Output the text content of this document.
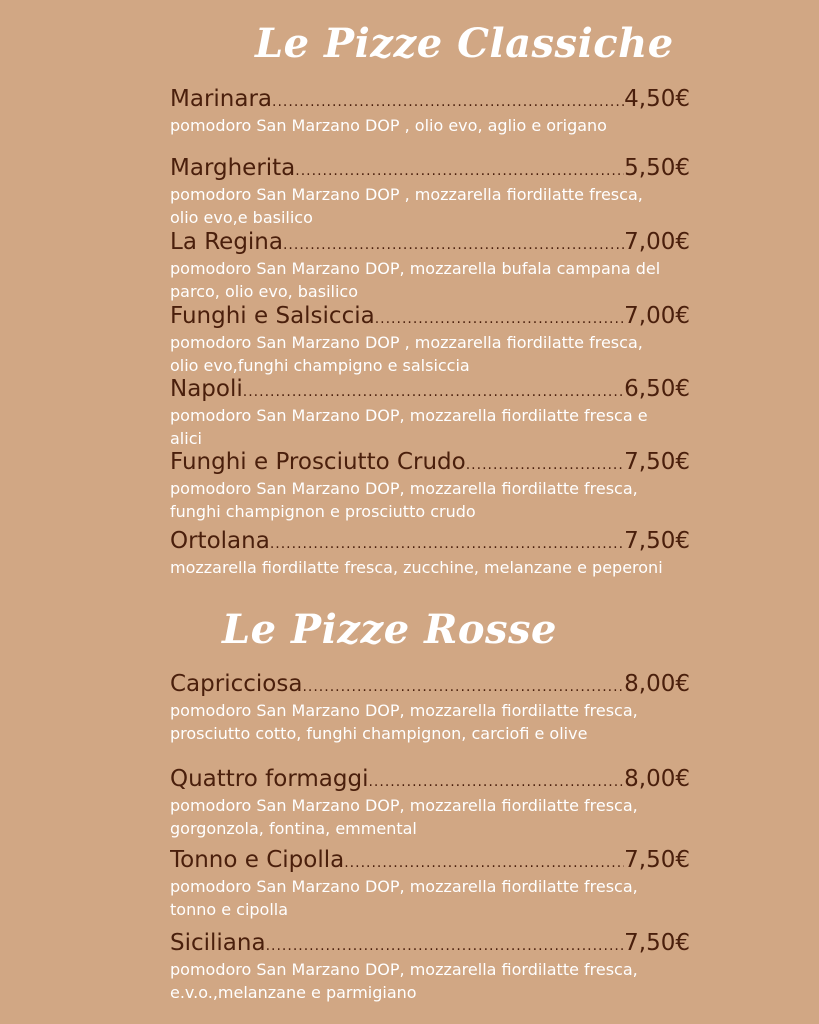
Le Pizze Classiche
Marinara .....	4,50€
pomodoro San Marzano DOP , olio evo, aglio e origano
Margherita .....	5,50€
pomodoro San Marzano DOP , mozzarella fiordilatte fresca, olio evo,e basilico
La Regina .....	7,00€
pomodoro San Marzano DOP, mozzarella bufala campana del parco, olio evo, basilico
Funghi e Salsiccia .....	7,00€
pomodoro San Marzano DOP , mozzarella fiordilatte fresca, olio evo,funghi champigno e salsiccia
Napoli .....	6,50€
pomodoro San Marzano DOP, mozzarella fiordilatte fresca e alici
Funghi e Prosciutto Crudo .....	7,50€
pomodoro San Marzano DOP, mozzarella fiordilatte fresca, funghi champignon e prosciutto crudo
Ortolana .....	7,50€
mozzarella fiordilatte fresca, zucchine, melanzane e peperoni
Le Pizze Rosse
Capricciosa .....	8,00€
pomodoro San Marzano DOP, mozzarella fiordilatte fresca, prosciutto cotto, funghi champignon, carciofi e olive
Quattro formaggi .....	8,00€
pomodoro San Marzano DOP, mozzarella fiordilatte fresca, gorgonzola, fontina, emmental
Tonno e Cipolla .....	7,50€
pomodoro San Marzano DOP, mozzarella fiordilatte fresca, tonno e cipolla
Siciliana .....	7,50€
pomodoro San Marzano DOP, mozzarella fiordilatte fresca, e.v.o.,melanzane e parmigiano
